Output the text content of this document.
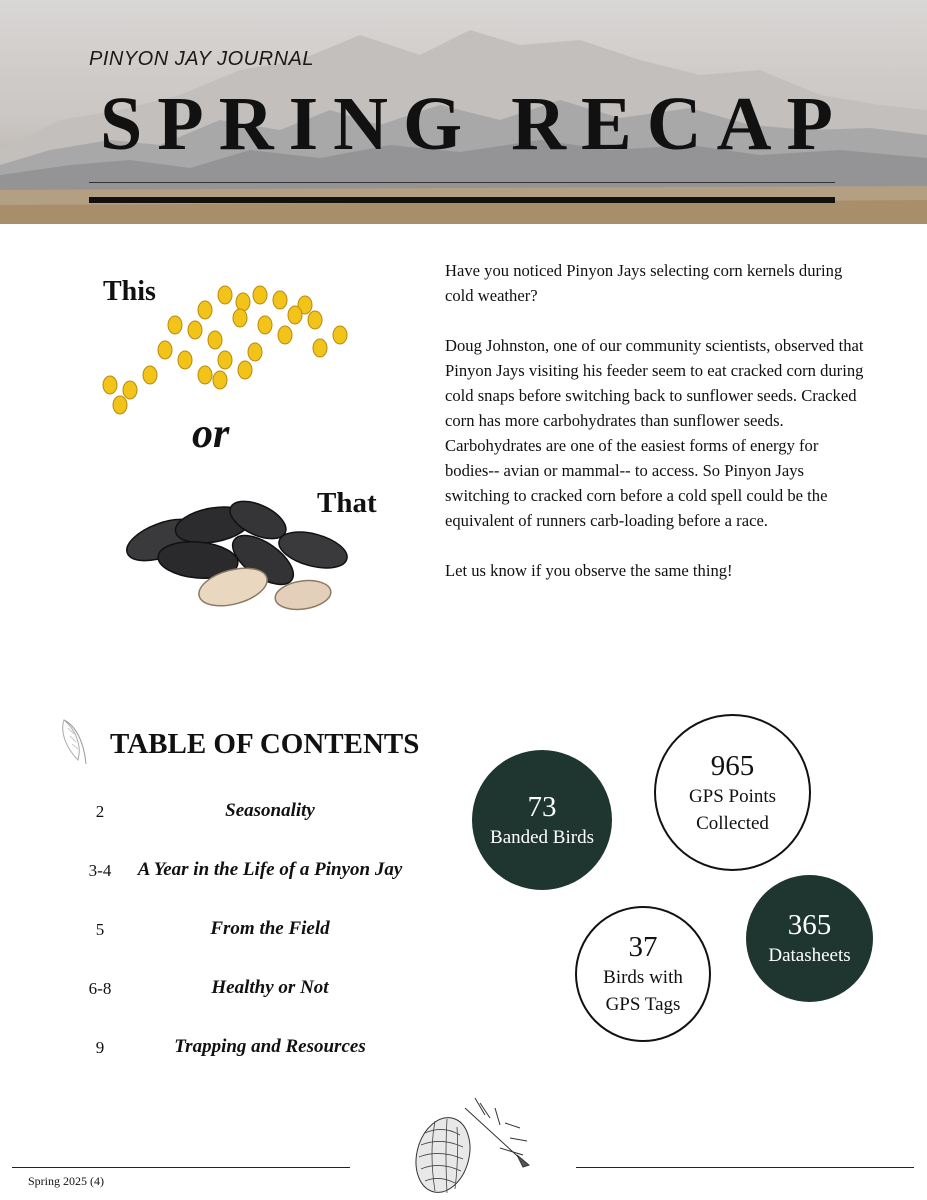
PINYON JAY JOURNAL
SPRING RECAP
This
or
That

Have you noticed Pinyon Jays selecting corn kernels during cold weather?

Doug Johnston, one of our community scientists, observed that Pinyon Jays visiting his feeder seem to eat cracked corn during cold snaps before switching back to sunflower seeds. Cracked corn has more carbohydrates than sunflower seeds. Carbohydrates are one of the easiest forms of energy for bodies-- avian or mammal-- to access. So Pinyon Jays switching to cracked corn before a cold spell could be the equivalent of runners carb-loading before a race.

Let us know if you observe the same thing!

TABLE OF CONTENTS
2	Seasonality
3-4	A Year in the Life of a Pinyon Jay
5	From the Field
6-8	Healthy or Not
9	Trapping and Resources
73
Banded Birds
965
GPS Points Collected
37
Birds with GPS Tags
365
Datasheets
Spring 2025 (4)
